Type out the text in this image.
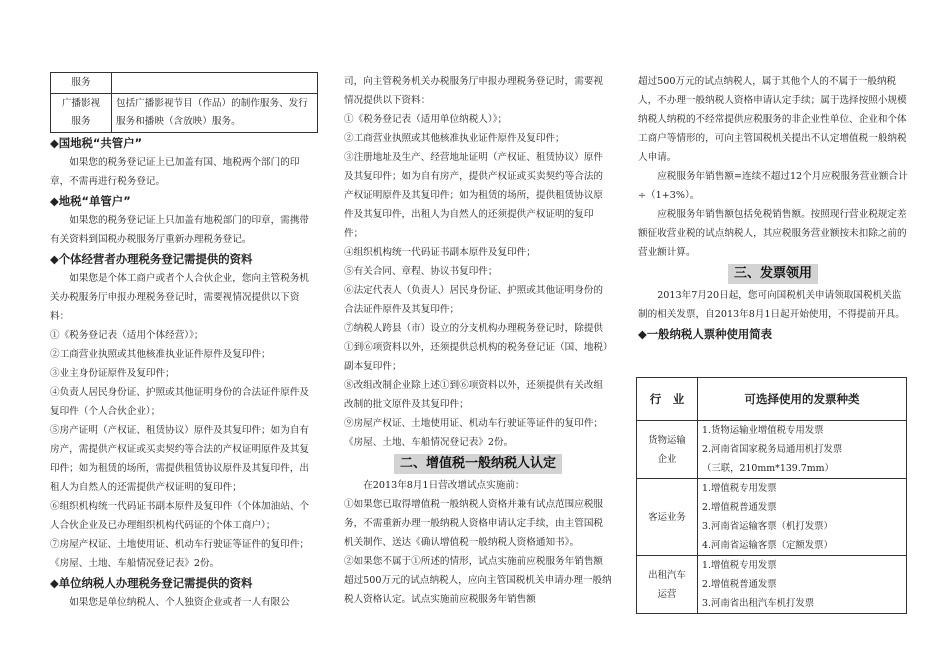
服务	
广播影视服务	包括广播影视节目（作品）的制作服务、发行服务和播映（含放映）服务。

◆国地税“共管户”

如果您的税务登记证上已加盖有国、地税两个部门的印章，不需再进行税务登记。

◆地税“单管户”

如果您的税务登记证上只加盖有地税部门的印章，需携带有关资料到国税办税服务厅重新办理税务登记。

◆个体经营者办理税务登记需提供的资料

如果您是个体工商户或者个人合伙企业，您向主管税务机关办税服务厅申报办理税务登记时，需要视情况提供以下资料：

①《税务登记表（适用个体经营）》；

②工商营业执照或其他核准执业证件原件及复印件；

③业主身份证原件及复印件；

④负责人居民身份证、护照或其他证明身份的合法证件原件及复印件（个人合伙企业）；

⑤房产证明（产权证、租赁协议）原件及其复印件；如为自有房产，需提供产权证或买卖契约等合法的产权证明原件及其复印件；如为租赁的场所，需提供租赁协议原件及其复印件，出租人为自然人的还需提供产权证明的复印件；

⑥组织机构统一代码证书副本原件及复印件（个体加油站、个人合伙企业及已办理组织机构代码证的个体工商户）；

⑦房屋产权证、土地使用证、机动车行驶证等证件的复印件；《房屋、土地、车船情况登记表》2份。

◆单位纳税人办理税务登记需提供的资料

如果您是单位纳税人、个人独资企业或者一人有限公

司，向主管税务机关办税服务厅申报办理税务登记时，需要视情况提供以下资料：

①《税务登记表（适用单位纳税人）》；

②工商营业执照或其他核准执业证件原件及复印件；

③注册地址及生产、经营地址证明（产权证、租赁协议）原件及其复印件；如为自有房产，提供产权证或买卖契约等合法的产权证明原件及其复印件；如为租赁的场所，提供租赁协议原件及其复印件，出租人为自然人的还须提供产权证明的复印件；

④组织机构统一代码证书副本原件及复印件；

⑤有关合同、章程、协议书复印件；

⑥法定代表人（负责人）居民身份证、护照或其他证明身份的合法证件原件及其复印件；

⑦纳税人跨县（市）设立的分支机构办理税务登记时，除提供①到⑥项资料以外，还须提供总机构的税务登记证（国、地税）副本复印件；

⑧改组改制企业除上述①到⑥项资料以外，还须提供有关改组改制的批文原件及其复印件；

⑨房屋产权证、土地使用证、机动车行驶证等证件的复印件；《房屋、土地、车船情况登记表》2份。

二、增值税一般纳税人认定

在2013年8月1日营改增试点实施前：

①如果您已取得增值税一般纳税人资格并兼有试点范围应税服务，不需重新办理一般纳税人资格申请认定手续，由主管国税机关制作、送达《确认增值税一般纳税人资格通知书》。

②如果您不属于①所述的情形，试点实施前应税服务年销售额超过500万元的试点纳税人，应向主管国税机关申请办理一般纳税人资格认定。试点实施前应税服务年销售额

超过500万元的试点纳税人，属于其他个人的不属于一般纳税人，不办理一般纳税人资格申请认定手续；属于选择按照小规模纳税人纳税的不经常提供应税服务的非企业性单位、企业和个体工商户等情形的，可向主管国税机关提出不认定增值税一般纳税人申请。

应税服务年销售额=连续不超过12个月应税服务营业额合计÷（1+3%）。

应税服务年销售额包括免税销售额。按照现行营业税规定差额征收营业税的试点纳税人，其应税服务营业额按未扣除之前的营业额计算。

三、发票领用

2013年7月20日起，您可向国税机关申请领取国税机关监制的相关发票，自2013年8月1日起开始使用，不得提前开具。

◆一般纳税人票种使用简表

行　业	可选择使用的发票种类
货物运输企业	1.货物运输业增值税专用发票
2.河南省国家税务局通用机打发票
（三联，210mm*139.7mm）

客运业务	1.增值税专用发票
2.增值税普通发票
3.河南省运输客票（机打发票）
4.河南省运输客票（定额发票）

出租汽车运营	1.增值税专用发票
2.增值税普通发票
3.河南省出租汽车机打发票
